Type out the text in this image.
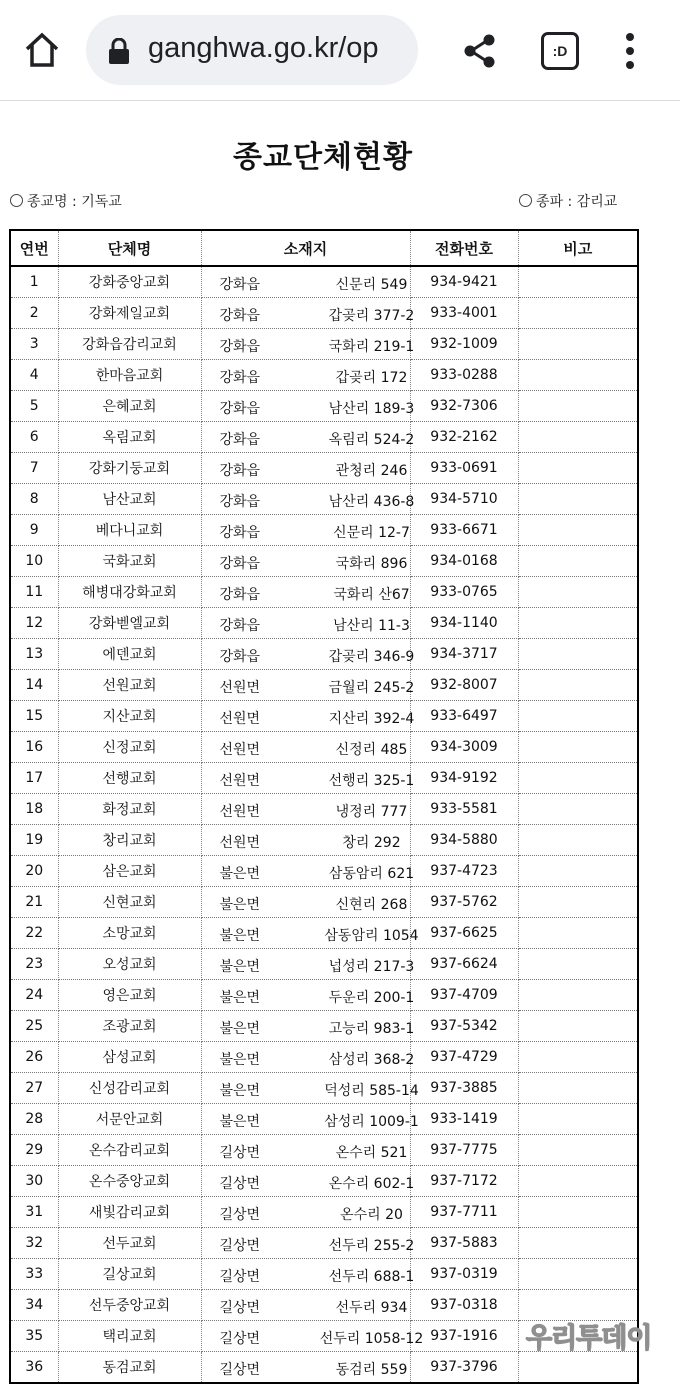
ganghwa.go.kr/op	:D
종교단체현황
종교명 : 기독교	종파 : 감리교
연번	단체명	소재지	전화번호	비고
1	강화중앙교회	강화읍 신문리 549	934-9421	
2	강화제일교회	강화읍 갑곶리 377-2	933-4001	
3	강화읍감리교회	강화읍 국화리 219-1	932-1009	
4	한마음교회	강화읍 갑곶리 172	933-0288	
5	은혜교회	강화읍 남산리 189-3	932-7306	
6	옥림교회	강화읍 옥림리 524-2	932-2162	
7	강화기둥교회	강화읍 관청리 246	933-0691	
8	남산교회	강화읍 남산리 436-8	934-5710	
9	베다니교회	강화읍 신문리 12-7	933-6671	
10	국화교회	강화읍 국화리 896	934-0168	
11	해병대강화교회	강화읍 국화리 산67	933-0765	
12	강화벧엘교회	강화읍 남산리 11-3	934-1140	
13	에덴교회	강화읍 갑곶리 346-9	934-3717	
14	선원교회	선원면 금월리 245-2	932-8007	
15	지산교회	선원면 지산리 392-4	933-6497	
16	신정교회	선원면 신정리 485	934-3009	
17	선행교회	선원면 선행리 325-1	934-9192	
18	화정교회	선원면 냉정리 777	933-5581	
19	창리교회	선원면 창리 292	934-5880	
20	삼은교회	불은면 삼동암리 621	937-4723	
21	신현교회	불은면 신현리 268	937-5762	
22	소망교회	불은면 삼동암리 1054	937-6625	
23	오성교회	불은면 넙성리 217-3	937-6624	
24	영은교회	불은면 두운리 200-1	937-4709	
25	조광교회	불은면 고능리 983-1	937-5342	
26	삼성교회	불은면 삼성리 368-2	937-4729	
27	신성감리교회	불은면 덕성리 585-14	937-3885	
28	서문안교회	불은면 삼성리 1009-1	933-1419	
29	온수감리교회	길상면 온수리 521	937-7775	
30	온수중앙교회	길상면 온수리 602-1	937-7172	
31	새빛감리교회	길상면 온수리 20	937-7711	
32	선두교회	길상면 선두리 255-2	937-5883	
33	길상교회	길상면 선두리 688-1	937-0319	
34	선두중앙교회	길상면 선두리 934	937-0318	
35	택리교회	길상면 선두리 1058-12	937-1916	
36	동검교회	길상면 동검리 559	937-3796	
우리투데이
